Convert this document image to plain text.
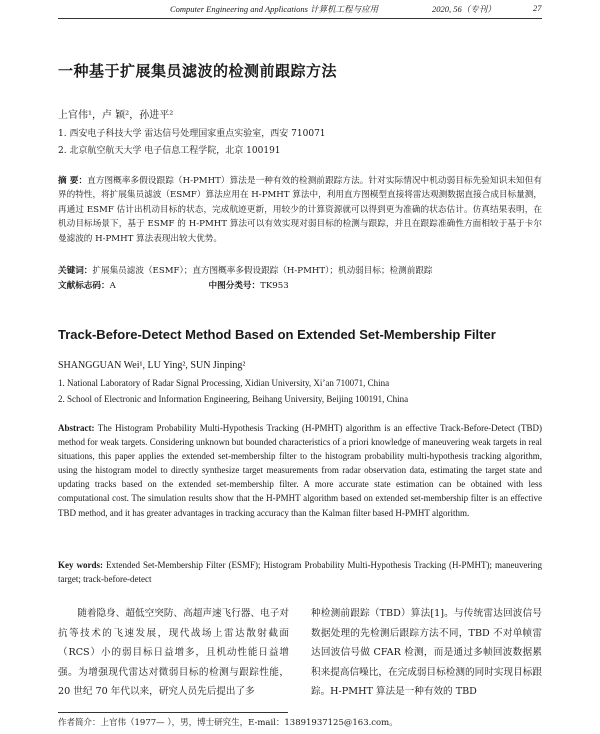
Computer Engineering and Applications 计算机工程与应用	2020, 56（专刊）	27
一种基于扩展集员滤波的检测前跟踪方法
上官伟¹，卢 颖²，孙进平²
1. 西安电子科技大学 雷达信号处理国家重点实验室，西安 710071
2. 北京航空航天大学 电子信息工程学院，北京 100191
摘 要：直方图概率多假设跟踪（H-PMHT）算法是一种有效的检测前跟踪方法。针对实际情况中机动弱目标先验知识未知但有界的特性，将扩展集员滤波（ESMF）算法应用在 H-PMHT 算法中，利用直方图模型直接将雷达观测数据直接合成目标量测，再通过 ESMF 估计出机动目标的状态，完成航迹更新，用较少的计算资源就可以得到更为准确的状态估计。仿真结果表明，在机动目标场景下，基于 ESMF 的 H-PMHT 算法可以有效实现对弱目标的检测与跟踪，并且在跟踪准确性方面相较于基于卡尔曼滤波的 H-PMHT 算法表现出较大优势。
关键词：扩展集员滤波（ESMF）；直方图概率多假设跟踪（H-PMHT）；机动弱目标；检测前跟踪
文献标志码：A	中图分类号：TK953
Track-Before-Detect Method Based on Extended Set-Membership Filter
SHANGGUAN Wei¹, LU Ying², SUN Jinping²
1. National Laboratory of Radar Signal Processing, Xidian University, Xi’an 710071, China
2. School of Electronic and Information Engineering, Beihang University, Beijing 100191, China
Abstract: The Histogram Probability Multi-Hypothesis Tracking (H-PMHT) algorithm is an effective Track-Before-Detect (TBD) method for weak targets. Considering unknown but bounded characteristics of a priori knowledge of maneuvering weak targets in real situations, this paper applies the extended set-membership filter to the histogram probability multi-hypothesis tracking algorithm, using the histogram model to directly synthesize target measurements from radar observation data, estimating the target state and updating tracks based on the extended set-membership filter. A more accurate state estimation can be obtained with less computational cost. The simulation results show that the H-PMHT algorithm based on extended set-membership filter is an effective TBD method, and it has greater advantages in tracking accuracy than the Kalman filter based H-PMHT algorithm.
Key words: Extended Set-Membership Filter (ESMF); Histogram Probability Multi-Hypothesis Tracking (H-PMHT); maneuvering target; track-before-detect
随着隐身、超低空突防、高超声速飞行器、电子对抗等技术的飞速发展，现代战场上雷达散射截面（RCS）小的弱目标日益增多，且机动性能日益增强。为增强现代雷达对微弱目标的检测与跟踪性能，20 世纪 70 年代以来，研究人员先后提出了多
种检测前跟踪（TBD）算法[1]。与传统雷达回波信号数据处理的先检测后跟踪方法不同，TBD 不对单帧雷达回波信号做 CFAR 检测，而是通过多帧回波数据累积来提高信噪比，在完成弱目标检测的同时实现目标跟踪。H-PMHT 算法是一种有效的 TBD
作者简介：上官伟（1977— ），男，博士研究生，E-mail：13891937125@163.com。
